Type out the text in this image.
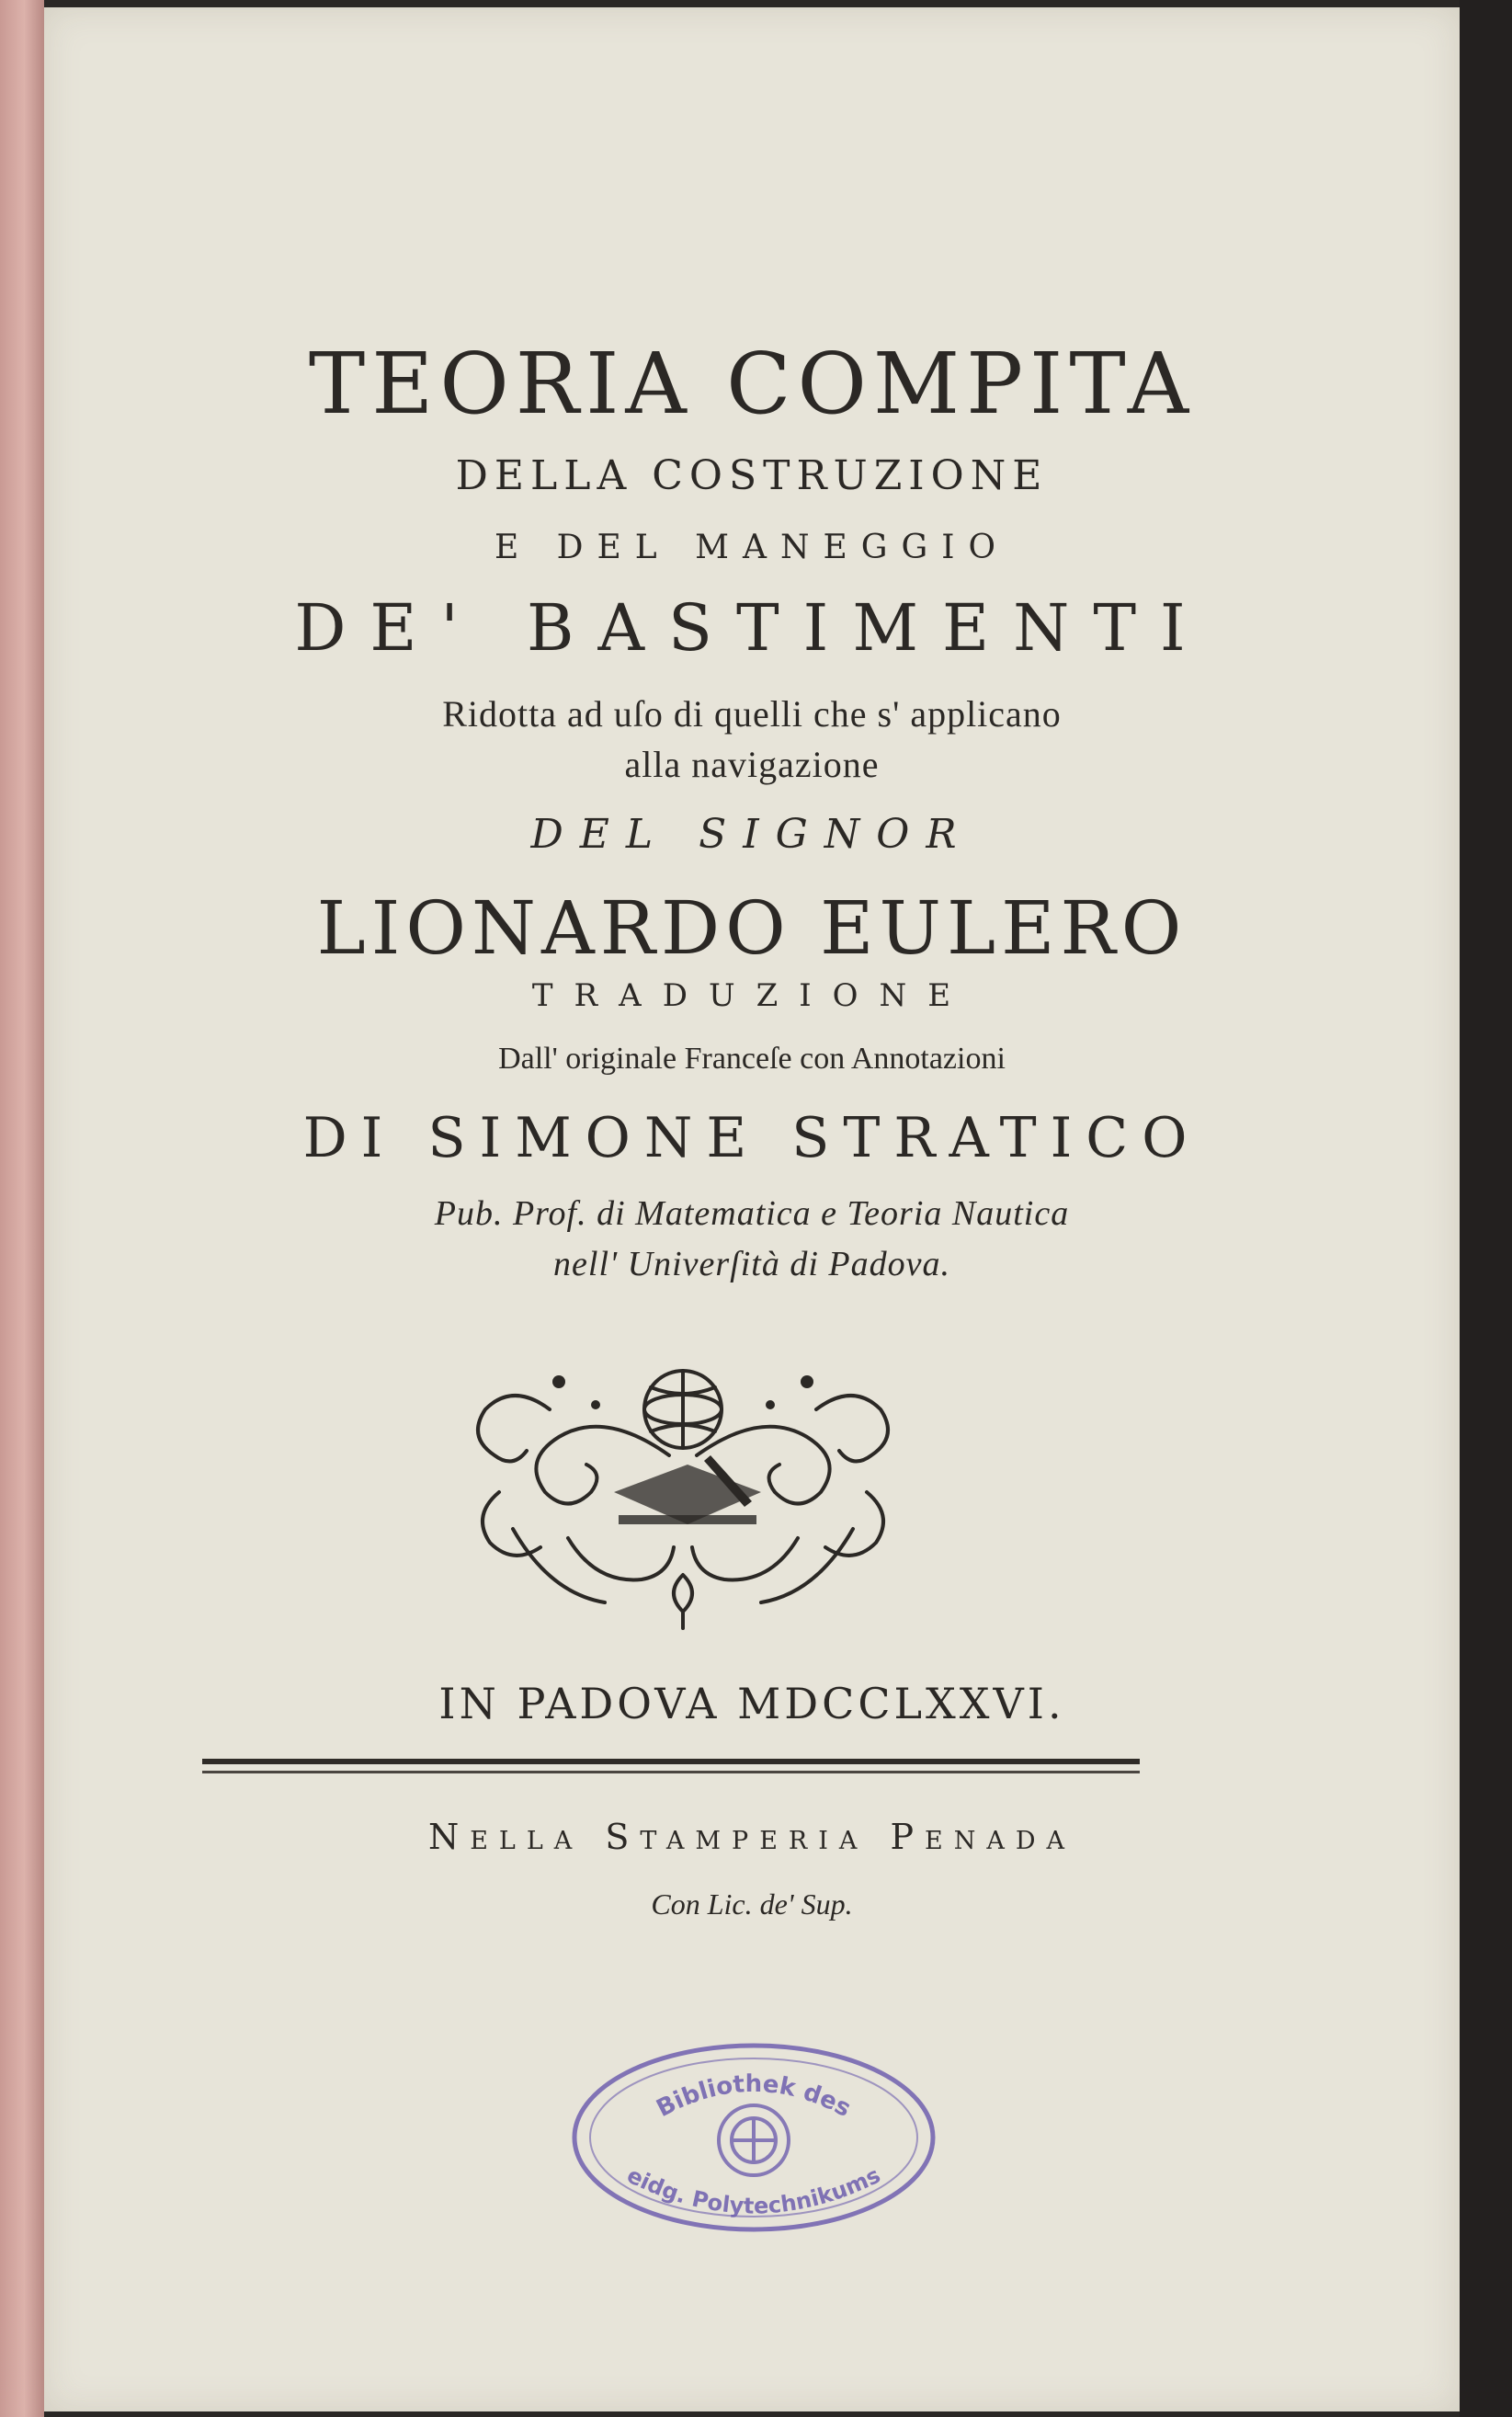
TEORIA COMPITA
DELLA COSTRUZIONE
E DEL MANEGGIO
DE' BASTIMENTI
Ridotta ad uſo di quelli che s' applicano
alla navigazione
DEL SIGNOR
LIONARDO EULERO
TRADUZIONE
Dall' originale Franceſe con Annotazioni
DI SIMONE STRATICO
Pub. Prof. di Matematica e Teoria Nautica
nell' Univerſità di Padova.
IN PADOVA MDCCLXXVI.
Nella Stamperia Penada
Con Lic. de' Sup.
Bibliothek des
eidg. Polytechnikums
